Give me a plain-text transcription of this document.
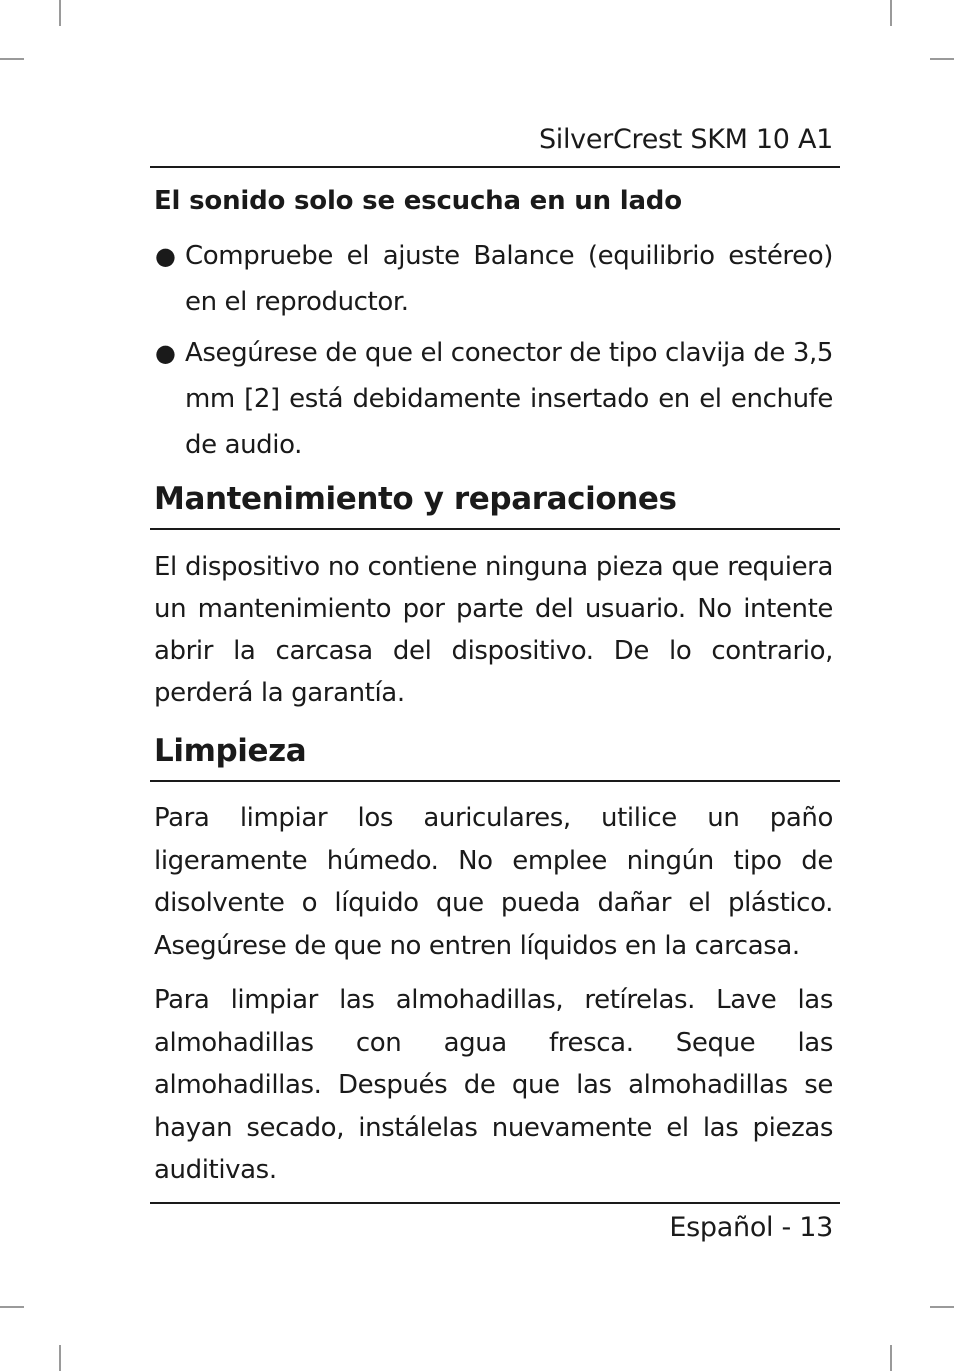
SilverCrest SKM 10 A1
El sonido solo se escucha en un lado
● Compruebe el ajuste Balance (equilibrio estéreo) en el reproductor.

● Asegúrese de que el conector de tipo clavija de 3,5 mm [2] está debidamente insertado en el enchufe de audio.

Mantenimiento y reparaciones

El dispositivo no contiene ninguna pieza que requiera un mantenimiento por parte del usuario. No intente abrir la carcasa del dispositivo. De lo contrario, perderá la garantía.

Limpieza

Para limpiar los auriculares, utilice un paño ligeramente húmedo. No emplee ningún tipo de disolvente o líquido que pueda dañar el plástico. Asegúrese de que no entren líquidos en la carcasa.

Para limpiar las almohadillas, retírelas. Lave las almohadillas con agua fresca. Seque las almohadillas. Después de que las almohadillas se hayan secado, instálelas nuevamente el las piezas auditivas.

Español - 13
